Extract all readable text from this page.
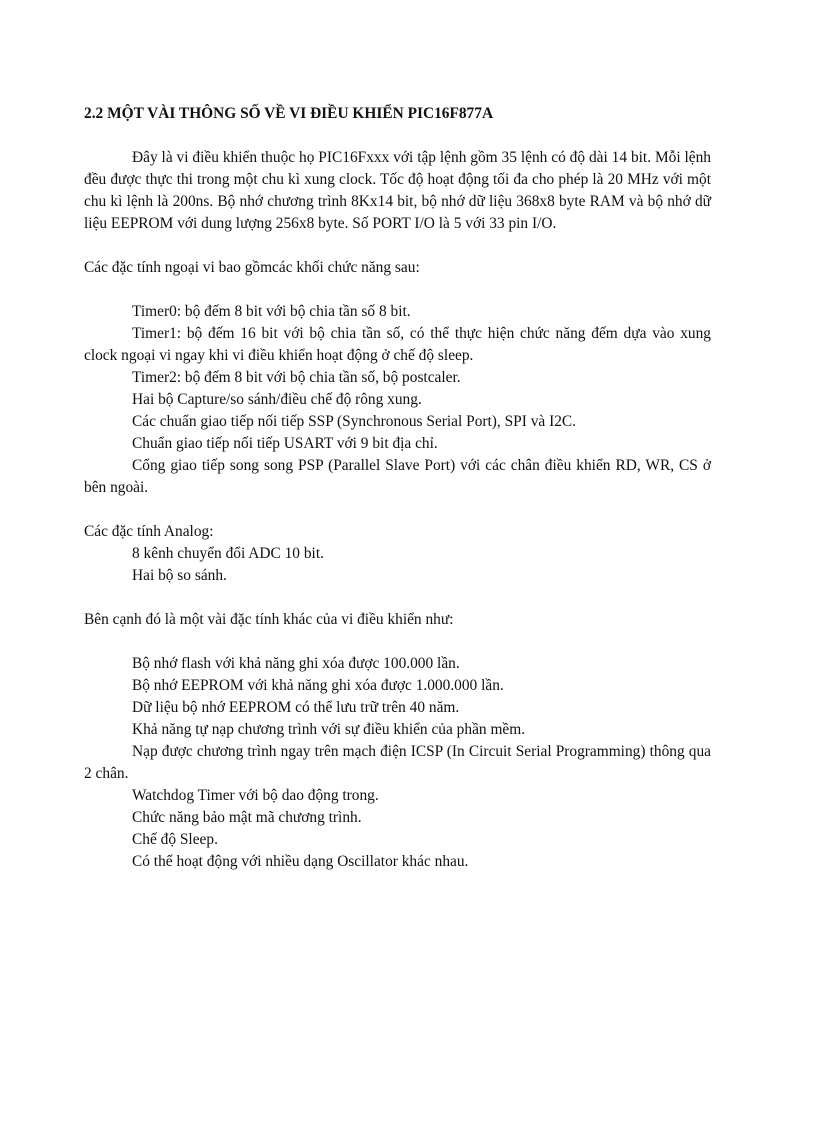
2.2 MỘT VÀI THÔNG SỐ VỀ VI ĐIỀU KHIỂN PIC16F877A

Đây là vi điều khiển thuộc họ PIC16Fxxx với tập lệnh gồm 35 lệnh có độ dài 14 bit. Mỗi lệnh đều được thực thi trong một chu kì xung clock. Tốc độ hoạt động tối đa cho phép là 20 MHz với một chu kì lệnh là 200ns. Bộ nhớ chương trình 8Kx14 bit, bộ nhớ dữ liệu 368x8 byte RAM và bộ nhớ dữ liệu EEPROM với dung lượng 256x8 byte. Số PORT I/O là 5 với 33 pin I/O.

Các đặc tính ngoại vi bao gồmcác khối chức năng sau:

Timer0: bộ đếm 8 bit với bộ chia tần số 8 bit.

Timer1: bộ đếm 16 bit với bộ chia tần số, có thể thực hiện chức năng đếm dựa vào xung clock ngoại vi ngay khi vi điều khiển hoạt động ở chế độ sleep.

Timer2: bộ đếm 8 bit với bộ chia tần số, bộ postcaler.

Hai bộ Capture/so sánh/điều chế độ rông xung.

Các chuẩn giao tiếp nối tiếp SSP (Synchronous Serial Port), SPI và I2C.

Chuẩn giao tiếp nối tiếp USART với 9 bit địa chỉ.

Cổng giao tiếp song song PSP (Parallel Slave Port) với các chân điều khiển RD, WR, CS ở bên ngoài.

Các đặc tính Analog:

8 kênh chuyển đổi ADC 10 bit.

Hai bộ so sánh.

Bên cạnh đó là một vài đặc tính khác của vi điều khiển như:

Bộ nhớ flash với khả năng ghi xóa được 100.000 lần.

Bộ nhớ EEPROM với khả năng ghi xóa được 1.000.000 lần.

Dữ liệu bộ nhớ EEPROM có thể lưu trữ trên 40 năm.

Khả năng tự nạp chương trình với sự điều khiển của phần mềm.

Nạp được chương trình ngay trên mạch điện ICSP (In Circuit Serial Programming) thông qua 2 chân.

Watchdog Timer với bộ dao động trong.

Chức năng bảo mật mã chương trình.

Chế độ Sleep.

Có thể hoạt động với nhiều dạng Oscillator khác nhau.
